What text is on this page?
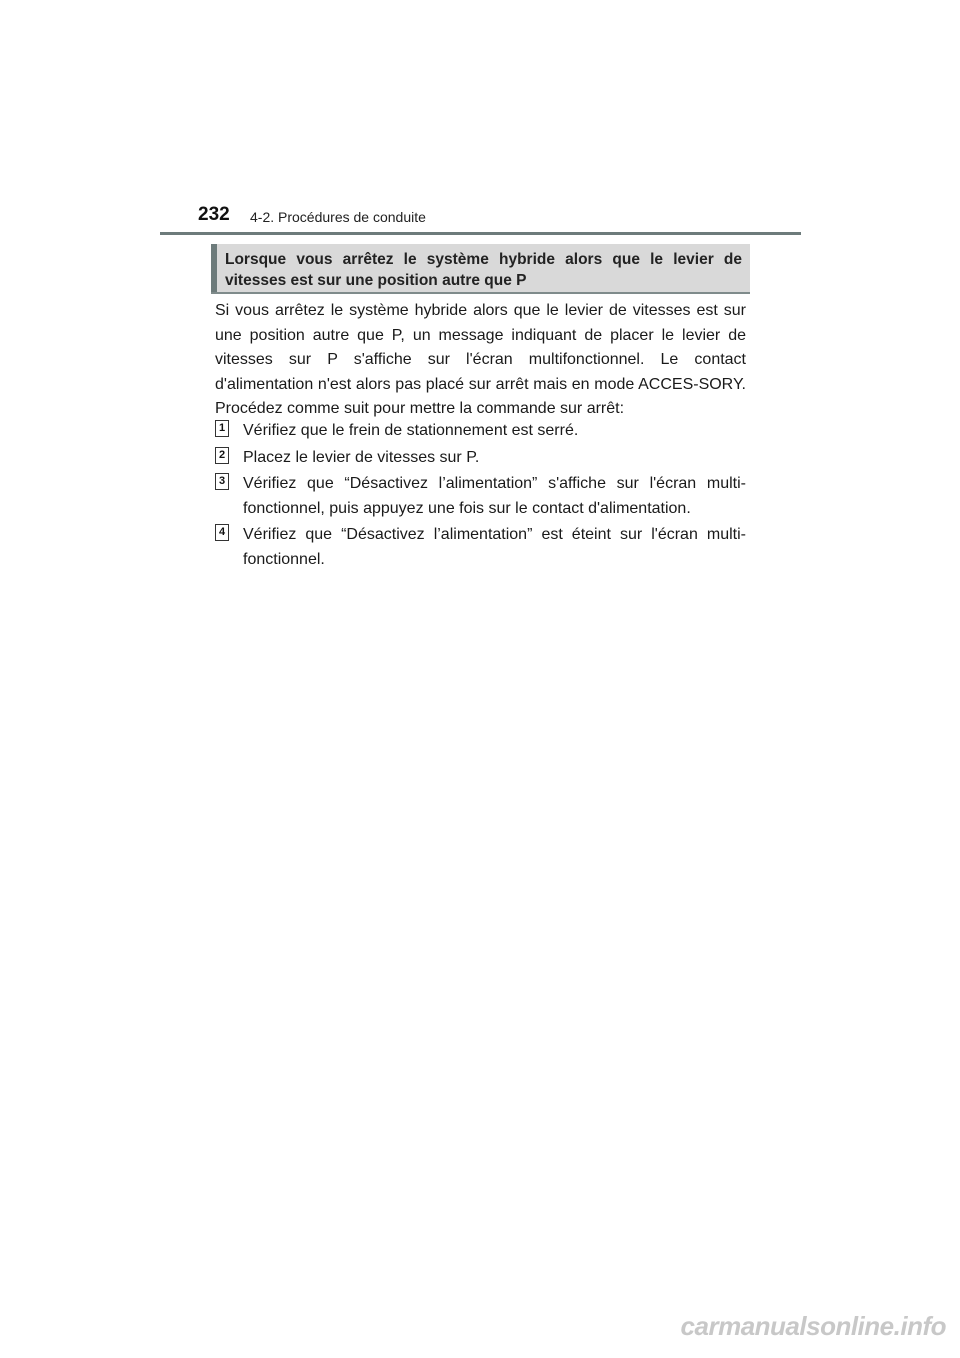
232 4-2. Procédures de conduite
Lorsque vous arrêtez le système hybride alors que le levier de vitesses est sur une position autre que P

Si vous arrêtez le système hybride alors que le levier de vitesses est sur une position autre que P, un message indiquant de placer le levier de vitesses sur P s'affiche sur l'écran multifonctionnel. Le contact d'alimentation n'est alors pas placé sur arrêt mais en mode ACCES-SORY. Procédez comme suit pour mettre la commande sur arrêt:

1 Vérifiez que le frein de stationnement est serré.
2 Placez le levier de vitesses sur P.
3 Vérifiez que “Désactivez l’alimentation” s'affiche sur l'écran multi-fonctionnel, puis appuyez une fois sur le contact d'alimentation.
4 Vérifiez que “Désactivez l’alimentation” est éteint sur l'écran multi-fonctionnel.
carmanualsonline.info
